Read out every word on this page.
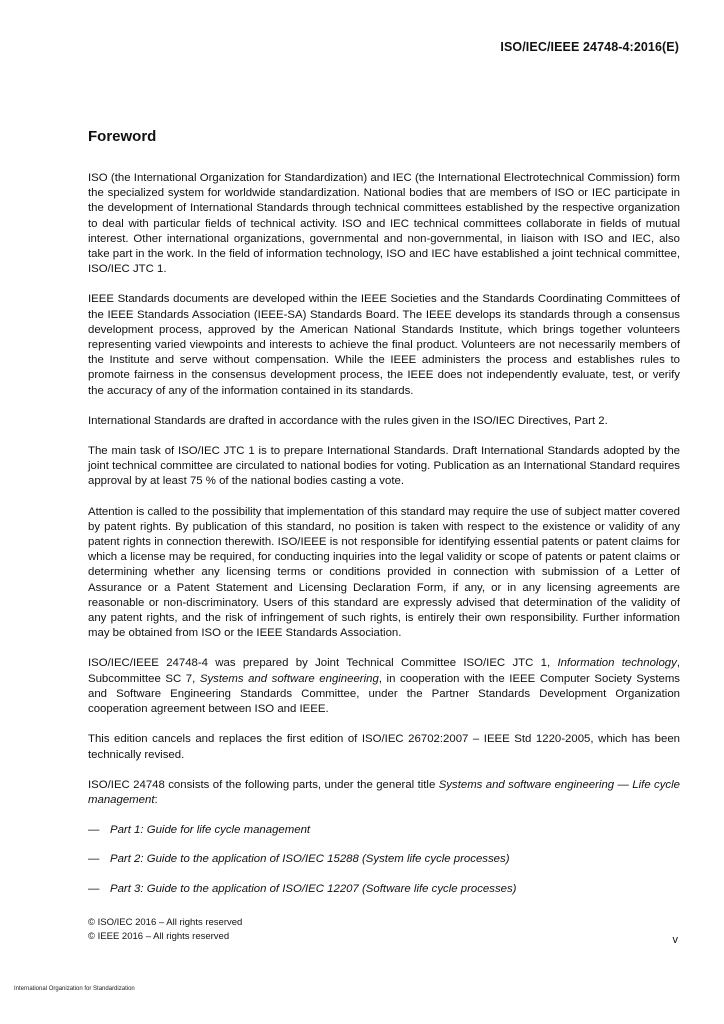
ISO/IEC/IEEE 24748-4:2016(E)
Foreword

ISO (the International Organization for Standardization) and IEC (the International Electrotechnical Commission) form the specialized system for worldwide standardization. National bodies that are members of ISO or IEC participate in the development of International Standards through technical committees established by the respective organization to deal with particular fields of technical activity. ISO and IEC technical committees collaborate in fields of mutual interest. Other international organizations, governmental and non-governmental, in liaison with ISO and IEC, also take part in the work. In the field of information technology, ISO and IEC have established a joint technical committee, ISO/IEC JTC 1.

IEEE Standards documents are developed within the IEEE Societies and the Standards Coordinating Committees of the IEEE Standards Association (IEEE-SA) Standards Board. The IEEE develops its standards through a consensus development process, approved by the American National Standards Institute, which brings together volunteers representing varied viewpoints and interests to achieve the final product. Volunteers are not necessarily members of the Institute and serve without compensation. While the IEEE administers the process and establishes rules to promote fairness in the consensus development process, the IEEE does not independently evaluate, test, or verify the accuracy of any of the information contained in its standards.

International Standards are drafted in accordance with the rules given in the ISO/IEC Directives, Part 2.

The main task of ISO/IEC JTC 1 is to prepare International Standards. Draft International Standards adopted by the joint technical committee are circulated to national bodies for voting. Publication as an International Standard requires approval by at least 75 % of the national bodies casting a vote.

Attention is called to the possibility that implementation of this standard may require the use of subject matter covered by patent rights. By publication of this standard, no position is taken with respect to the existence or validity of any patent rights in connection therewith. ISO/IEEE is not responsible for identifying essential patents or patent claims for which a license may be required, for conducting inquiries into the legal validity or scope of patents or patent claims or determining whether any licensing terms or conditions provided in connection with submission of a Letter of Assurance or a Patent Statement and Licensing Declaration Form, if any, or in any licensing agreements are reasonable or non-discriminatory. Users of this standard are expressly advised that determination of the validity of any patent rights, and the risk of infringement of such rights, is entirely their own responsibility. Further information may be obtained from ISO or the IEEE Standards Association.

ISO/IEC/IEEE 24748-4 was prepared by Joint Technical Committee ISO/IEC JTC 1, Information technology, Subcommittee SC 7, Systems and software engineering, in cooperation with the IEEE Computer Society Systems and Software Engineering Standards Committee, under the Partner Standards Development Organization cooperation agreement between ISO and IEEE.

This edition cancels and replaces the first edition of ISO/IEC 26702:2007 – IEEE Std 1220-2005, which has been technically revised.

ISO/IEC 24748 consists of the following parts, under the general title Systems and software engineering — Life cycle management:

— Part 1: Guide for life cycle management
— Part 2: Guide to the application of ISO/IEC 15288 (System life cycle processes)
— Part 3: Guide to the application of ISO/IEC 12207 (Software life cycle processes)
© ISO/IEC 2016 – All rights reserved
© IEEE 2016 – All rights reserved	v
International Organization for Standardization
